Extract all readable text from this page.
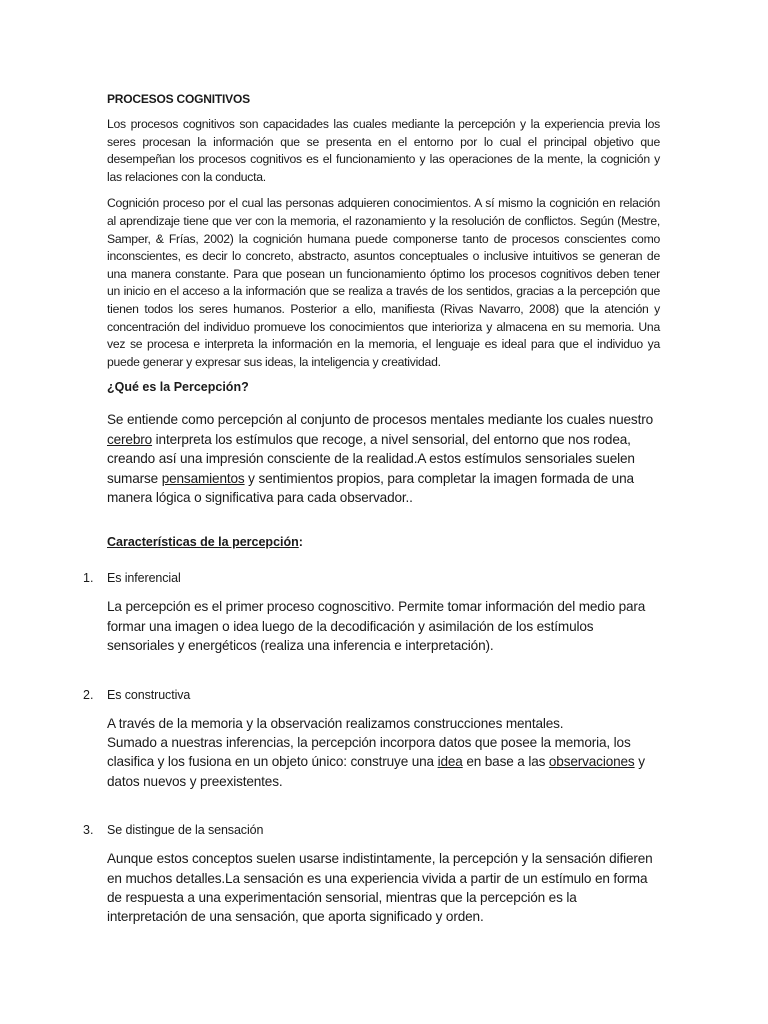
PROCESOS COGNITIVOS

Los procesos cognitivos son capacidades las cuales mediante la percepción y la experiencia previa los seres procesan la información que se presenta en el entorno por lo cual el principal objetivo que desempeñan los procesos cognitivos es el funcionamiento y las operaciones de la mente, la cognición y las relaciones con la conducta.

Cognición proceso por el cual las personas adquieren conocimientos. A sí mismo la cognición en relación al aprendizaje tiene que ver con la memoria, el razonamiento y la resolución de conflictos. Según (Mestre, Samper, & Frías, 2002) la cognición humana puede componerse tanto de procesos conscientes como inconscientes, es decir lo concreto, abstracto, asuntos conceptuales o inclusive intuitivos se generan de una manera constante. Para que posean un funcionamiento óptimo los procesos cognitivos deben tener un inicio en el acceso a la información que se realiza a través de los sentidos, gracias a la percepción que tienen todos los seres humanos. Posterior a ello, manifiesta (Rivas Navarro, 2008) que la atención y concentración del individuo promueve los conocimientos que interioriza y almacena en su memoria. Una vez se procesa e interpreta la información en la memoria, el lenguaje es ideal para que el individuo ya puede generar y expresar sus ideas, la inteligencia y creatividad.

¿Qué es la Percepción?

Se entiende como percepción al conjunto de procesos mentales mediante los cuales nuestro cerebro interpreta los estímulos que recoge, a nivel sensorial, del entorno que nos rodea, creando así una impresión consciente de la realidad.A estos estímulos sensoriales suelen sumarse pensamientos y sentimientos propios, para completar la imagen formada de una manera lógica o significativa para cada observador..

Características de la percepción:

1. Es inferencial

La percepción es el primer proceso cognoscitivo. Permite tomar información del medio para formar una imagen o idea luego de la decodificación y asimilación de los estímulos sensoriales y energéticos (realiza una inferencia e interpretación).

2. Es constructiva

A través de la memoria y la observación realizamos construcciones mentales.
Sumado a nuestras inferencias, la percepción incorpora datos que posee la memoria, los clasifica y los fusiona en un objeto único: construye una idea en base a las observaciones y datos nuevos y preexistentes.

3. Se distingue de la sensación

Aunque estos conceptos suelen usarse indistintamente, la percepción y la sensación difieren en muchos detalles.La sensación es una experiencia vivida a partir de un estímulo en forma de respuesta a una experimentación sensorial, mientras que la percepción es la interpretación de una sensación, que aporta significado y orden.
